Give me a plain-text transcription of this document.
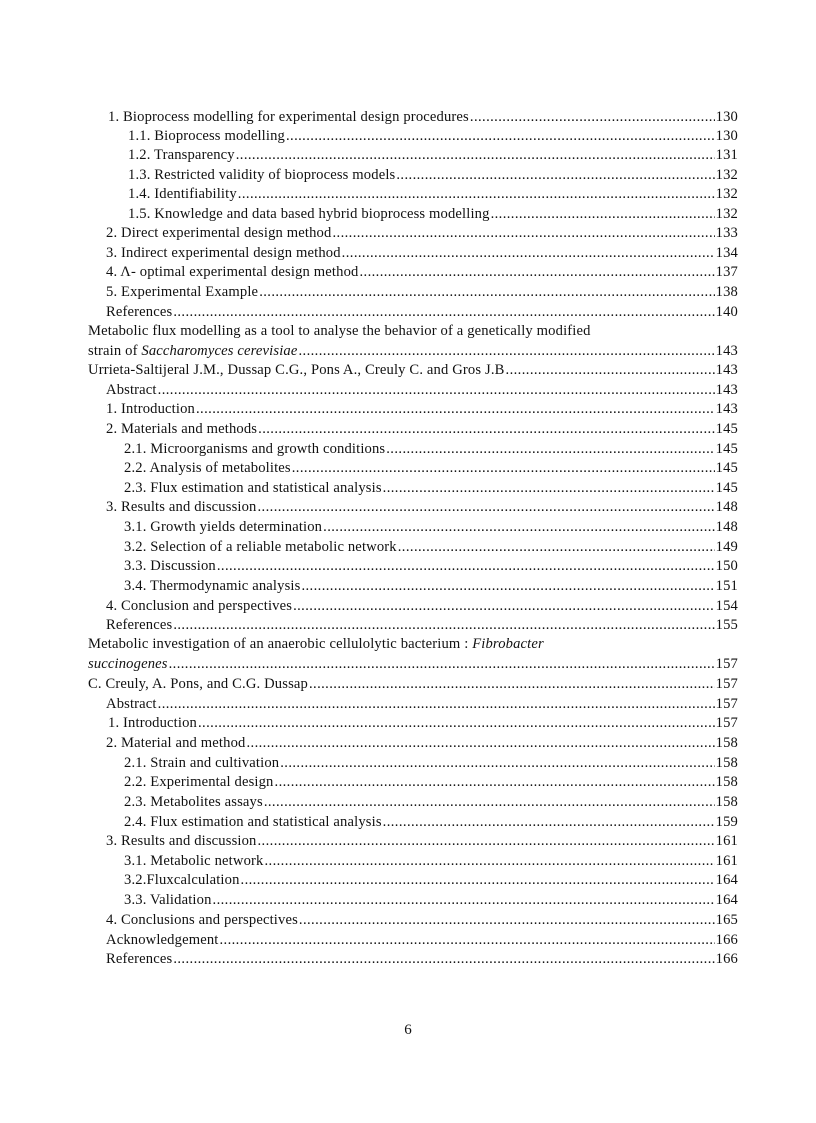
1. Bioprocess modelling for experimental design procedures .....	130
1.1. Bioprocess modelling .....	130
1.2. Transparency .....	131
1.3. Restricted validity of bioprocess models .....	132
1.4. Identifiability .....	132
1.5. Knowledge and data based hybrid bioprocess modelling .....	132
2. Direct experimental design method .....	133
3. Indirect experimental design method .....	134
4. Λ- optimal experimental design method .....	137
5. Experimental Example .....	138
References .....	140
Metabolic flux modelling as a tool to analyse the behavior of a genetically modified
strain of Saccharomyces cerevisiae .....	143
Urrieta-Saltijeral J.M., Dussap C.G., Pons A., Creuly C. and Gros J.B .....	143
Abstract .....	143
1. Introduction .....	143
2. Materials and methods .....	145
2.1. Microorganisms and growth conditions .....	145
2.2. Analysis of metabolites .....	145
2.3. Flux estimation and statistical analysis .....	145
3. Results and discussion .....	148
3.1. Growth yields determination .....	148
3.2. Selection of a reliable metabolic network .....	149
3.3. Discussion .....	150
3.4. Thermodynamic analysis .....	151
4. Conclusion and perspectives .....	154
References .....	155
Metabolic investigation of an anaerobic cellulolytic bacterium : Fibrobacter
succinogenes .....	157
C. Creuly, A. Pons, and C.G. Dussap .....	157
Abstract .....	157
1. Introduction .....	157
2. Material and method .....	158
2.1. Strain and cultivation .....	158
2.2. Experimental design .....	158
2.3. Metabolites assays .....	158
2.4. Flux estimation and statistical analysis .....	159
3. Results and discussion .....	161
3.1. Metabolic network .....	161
3.2.Fluxcalculation .....	164
3.3. Validation .....	164
4. Conclusions and perspectives .....	165
Acknowledgement .....	166
References .....	166
6
